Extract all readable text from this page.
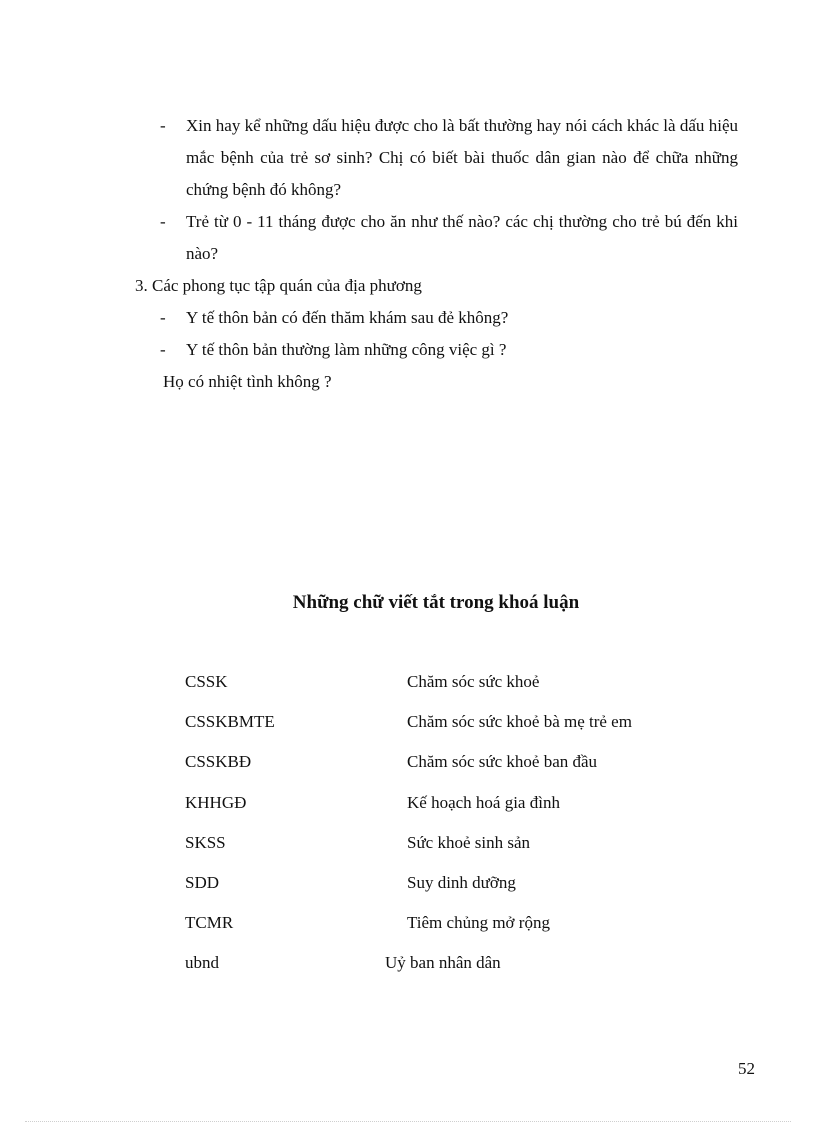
- Xin hay kể những dấu hiệu được cho là bất thường hay nói cách khác là dấu hiệu mắc bệnh của trẻ sơ sinh? Chị có biết bài thuốc dân gian nào để chữa những chứng bệnh đó không?
- Trẻ từ 0 - 11 tháng được cho ăn như thế nào? các chị thường cho trẻ bú đến khi nào?
3. Các phong tục tập quán của địa phương
- Y tế thôn bản có đến thăm khám sau đẻ không?
- Y tế thôn bản thường làm những công việc gì ?
Họ có nhiệt tình không ?
Những chữ viết tắt trong khoá luận
CSSK	Chăm sóc sức khoẻ
CSSKBMTE	Chăm sóc sức khoẻ bà mẹ trẻ em
CSSKBĐ	Chăm sóc sức khoẻ ban đầu
KHHGĐ	Kế hoạch hoá gia đình
SKSS	Sức khoẻ sinh sản
SDD	Suy dinh dưỡng
TCMR	Tiêm chủng mở rộng
ubnd	Uỷ ban nhân dân
52
